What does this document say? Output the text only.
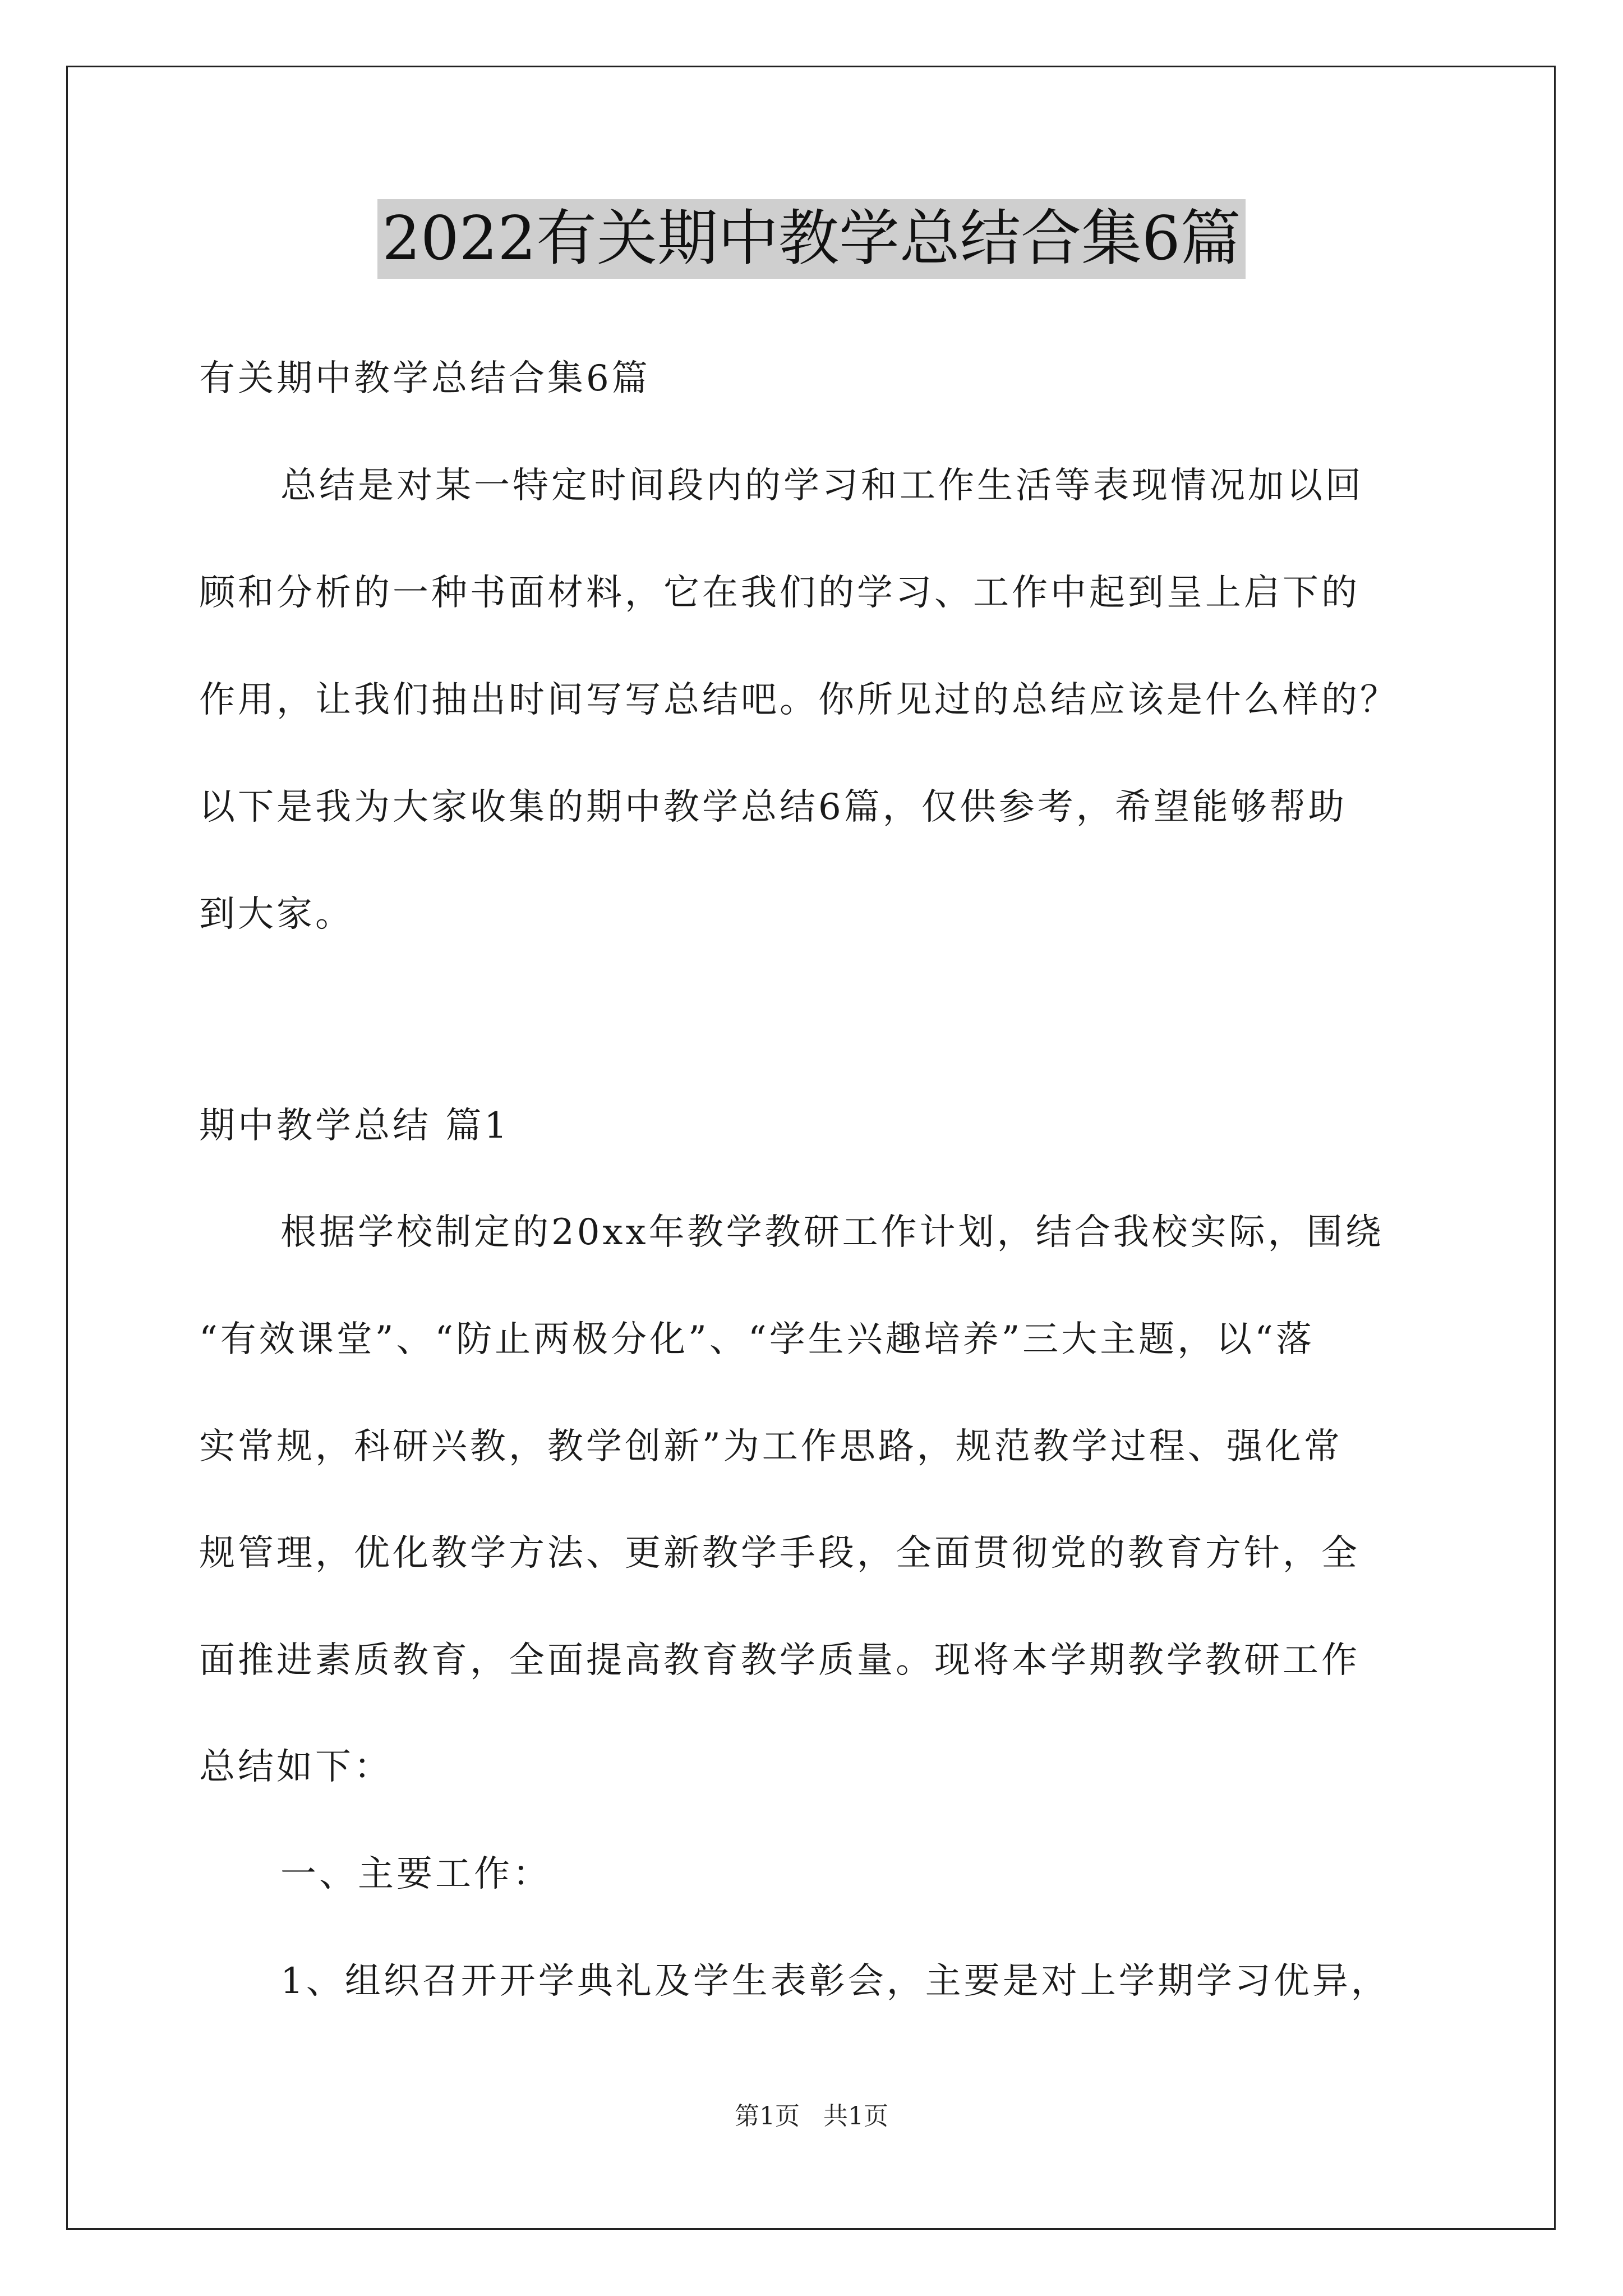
2022有关期中教学总结合集6篇
有关期中教学总结合集6篇
总结是对某一特定时间段内的学习和工作生活等表现情况加以回
顾和分析的一种书面材料，它在我们的学习、工作中起到呈上启下的
作用，让我们抽出时间写写总结吧。你所见过的总结应该是什么样的？
以下是我为大家收集的期中教学总结6篇，仅供参考，希望能够帮助
到大家。
期中教学总结 篇1
根据学校制定的20xx年教学教研工作计划，结合我校实际，围绕
“有效课堂”、“防止两极分化”、“学生兴趣培养”三大主题，以“落
实常规，科研兴教，教学创新”为工作思路，规范教学过程、强化常
规管理，优化教学方法、更新教学手段，全面贯彻党的教育方针，全
面推进素质教育，全面提高教育教学质量。现将本学期教学教研工作
总结如下：
一、主要工作：
1、组织召开开学典礼及学生表彰会，主要是对上学期学习优异，
第1页 共1页
